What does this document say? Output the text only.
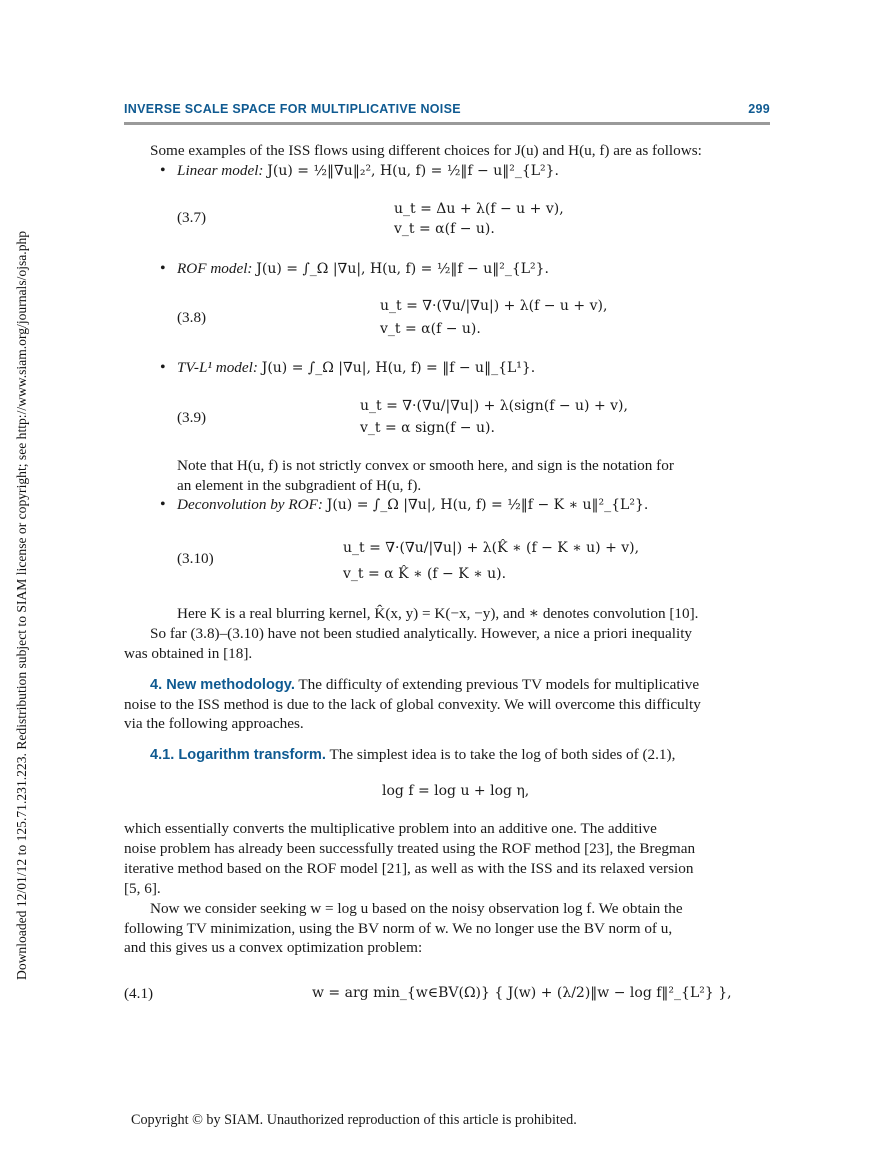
INVERSE SCALE SPACE FOR MULTIPLICATIVE NOISE	299
Downloaded 12/01/12 to 125.71.231.223. Redistribution subject to SIAM license or copyright; see http://www.siam.org/journals/ojsa.php
Some examples of the ISS flows using different choices for J(u) and H(u, f) are as follows:
• Linear model: J(u) = ½‖∇u‖₂², H(u, f) = ½‖f − u‖²_{L²}.
(3.7)	u_t = Δu + λ(f − u + v),
v_t = α(f − u).
• ROF model: J(u) = ∫_Ω |∇u|, H(u, f) = ½‖f − u‖²_{L²}.
(3.8)
u_t = ∇·(∇u/|∇u|) + λ(f − u + v),
v_t = α(f − u).
• TV-L¹ model: J(u) = ∫_Ω |∇u|, H(u, f) = ‖f − u‖_{L¹}.
(3.9)
u_t = ∇·(∇u/|∇u|) + λ(sign(f − u) + v),
v_t = α sign(f − u).
Note that H(u, f) is not strictly convex or smooth here, and sign is the notation for
an element in the subgradient of H(u, f).
• Deconvolution by ROF: J(u) = ∫_Ω |∇u|, H(u, f) = ½‖f − K ∗ u‖²_{L²}.
(3.10)
u_t = ∇·(∇u/|∇u|) + λ(K̂ ∗ (f − K ∗ u) + v),
v_t = α K̂ ∗ (f − K ∗ u).
Here K is a real blurring kernel, K̂(x, y) = K(−x, −y), and ∗ denotes convolution [10].
So far (3.8)–(3.10) have not been studied analytically. However, a nice a priori inequality
was obtained in [18].
4. New methodology. The difficulty of extending previous TV models for multiplicative
noise to the ISS method is due to the lack of global convexity. We will overcome this difficulty
via the following approaches.
4.1. Logarithm transform. The simplest idea is to take the log of both sides of (2.1),
log f = log u + log η,
which essentially converts the multiplicative problem into an additive one. The additive
noise problem has already been successfully treated using the ROF method [23], the Bregman
iterative method based on the ROF model [21], as well as with the ISS and its relaxed version
[5, 6].
Now we consider seeking w = log u based on the noisy observation log f. We obtain the
following TV minimization, using the BV norm of w. We no longer use the BV norm of u,
and this gives us a convex optimization problem:
(4.1)	w = arg min_{w∈BV(Ω)} { J(w) + (λ/2)‖w − log f‖²_{L²} },
Copyright © by SIAM. Unauthorized reproduction of this article is prohibited.
